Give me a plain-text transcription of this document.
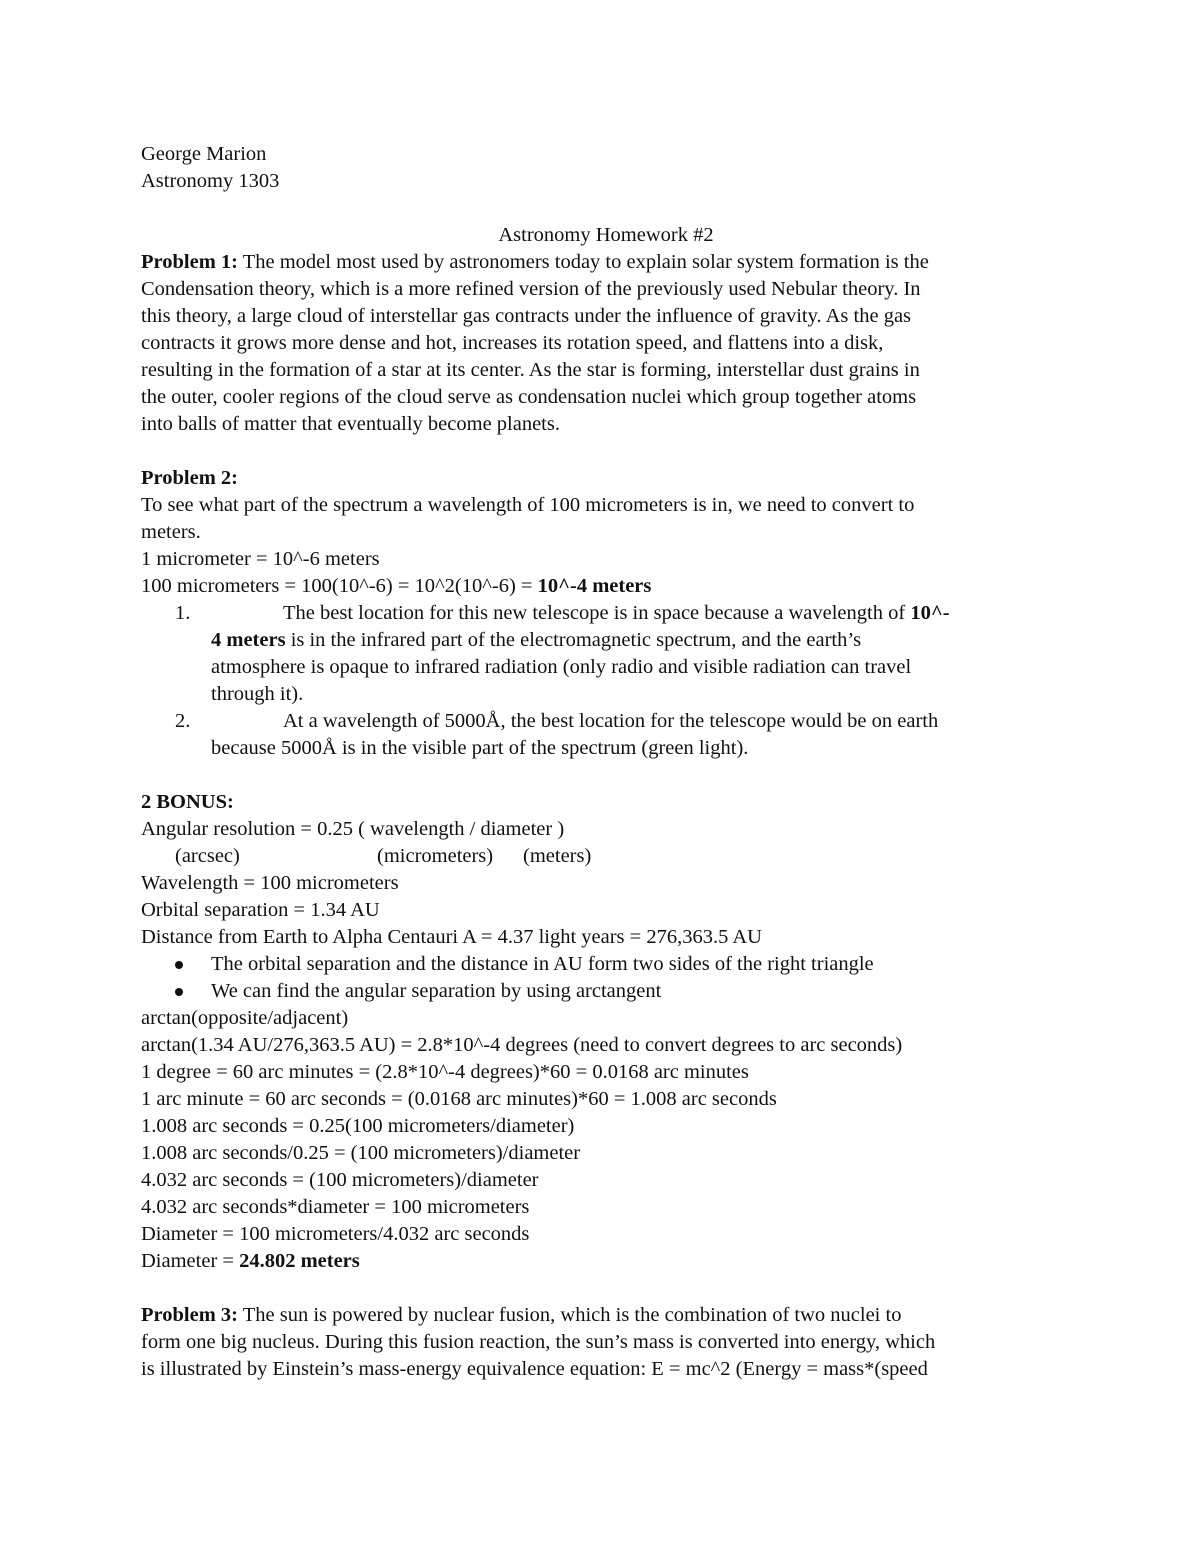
George Marion
Astronomy 1303
Astronomy Homework #2
Problem 1: The model most used by astronomers today to explain solar system formation is the
Condensation theory, which is a more refined version of the previously used Nebular theory. In
this theory, a large cloud of interstellar gas contracts under the influence of gravity. As the gas
contracts it grows more dense and hot, increases its rotation speed, and flattens into a disk,
resulting in the formation of a star at its center. As the star is forming, interstellar dust grains in
the outer, cooler regions of the cloud serve as condensation nuclei which group together atoms
into balls of matter that eventually become planets.
Problem 2:
To see what part of the spectrum a wavelength of 100 micrometers is in, we need to convert to
meters.
1 micrometer = 10^-6 meters
100 micrometers = 100(10^-6) = 10^2(10^-6) = 10^-4 meters
1.	The best location for this new telescope is in space because a wavelength of 10^-
4 meters is in the infrared part of the electromagnetic spectrum, and the earth’s
atmosphere is opaque to infrared radiation (only radio and visible radiation can travel
through it).
2.	At a wavelength of 5000Å, the best location for the telescope would be on earth
because 5000Å is in the visible part of the spectrum (green light).
2 BONUS:
Angular resolution = 0.25 ( wavelength / diameter )
(arcsec)	(micrometers) (meters)
Wavelength = 100 micrometers
Orbital separation = 1.34 AU
Distance from Earth to Alpha Centauri A = 4.37 light years = 276,363.5 AU
The orbital separation and the distance in AU form two sides of the right triangle
We can find the angular separation by using arctangent
arctan(opposite/adjacent)
arctan(1.34 AU/276,363.5 AU) = 2.8*10^-4 degrees (need to convert degrees to arc seconds)
1 degree = 60 arc minutes = (2.8*10^-4 degrees)*60 = 0.0168 arc minutes
1 arc minute = 60 arc seconds = (0.0168 arc minutes)*60 = 1.008 arc seconds
1.008 arc seconds = 0.25(100 micrometers/diameter)
1.008 arc seconds/0.25 = (100 micrometers)/diameter
4.032 arc seconds = (100 micrometers)/diameter
4.032 arc seconds*diameter = 100 micrometers
Diameter = 100 micrometers/4.032 arc seconds
Diameter = 24.802 meters
Problem 3: The sun is powered by nuclear fusion, which is the combination of two nuclei to
form one big nucleus. During this fusion reaction, the sun’s mass is converted into energy, which
is illustrated by Einstein’s mass-energy equivalence equation: E = mc^2 (Energy = mass*(speed
